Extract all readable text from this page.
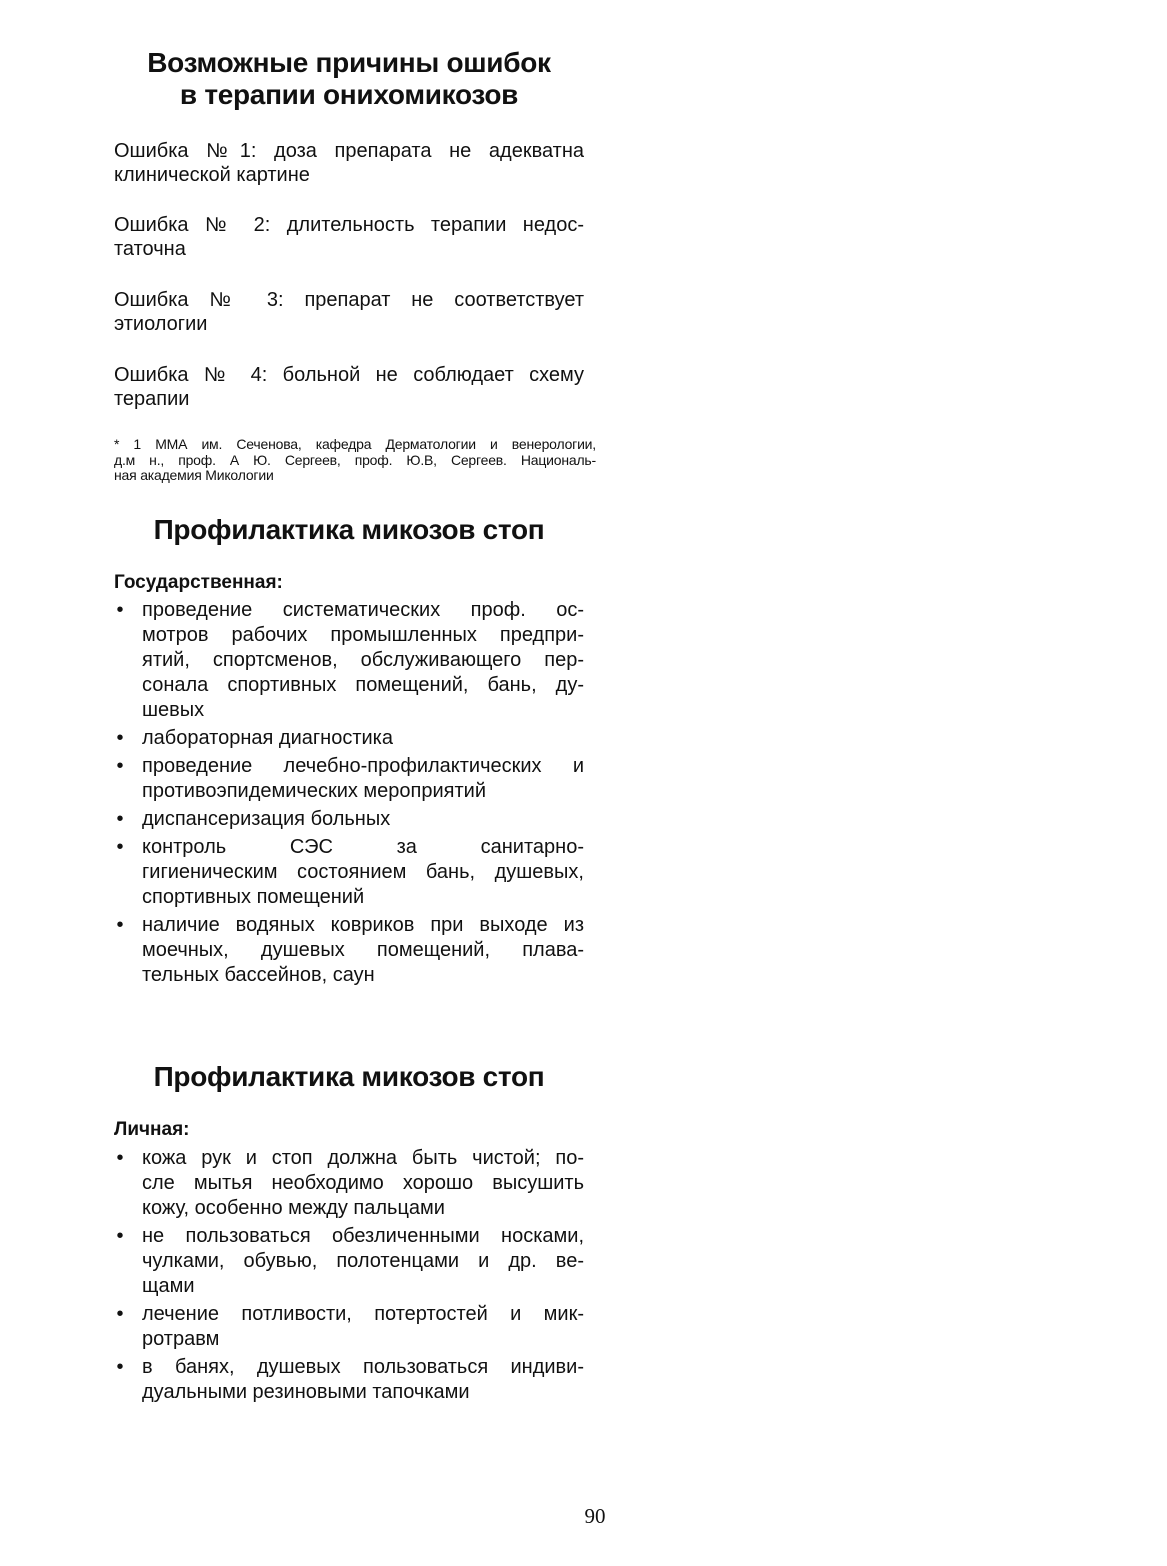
Возможные причины ошибок
в терапии онихомикозов

Ошибка №1: доза препарата не адекватна
клинической картине

Ошибка № 2: длительность терапии недос-
таточна

Ошибка № 3: препарат не соответствует
этиологии

Ошибка № 4: больной не соблюдает схему
терапии

* 1 ММА им. Сеченова, кафедра Дерматологии и венерологии,
д.м н., проф. А Ю. Сергеев, проф. Ю.В, Сергеев. Националь-
ная академия Микологии

Профилактика микозов стоп

Государственная:

• проведение систематических проф. ос-
мотров рабочих промышленных предпри-
ятий, спортсменов, обслуживающего пер-
сонала спортивных помещений, бань, ду-
шевых
• лабораторная диагностика
• проведение лечебно-профилактических и
противоэпидемических мероприятий
• диспансеризация больных
• контроль СЭС за санитарно-
гигиеническим состоянием бань, душевых,
спортивных помещений
• наличие водяных ковриков при выходе из
моечных, душевых помещений, плава-
тельных бассейнов, саун
Профилактика микозов стоп

Личная:

• кожа рук и стоп должна быть чистой; по-
сле мытья необходимо хорошо высушить
кожу, особенно между пальцами
• не пользоваться обезличенными носками,
чулками, обувью, полотенцами и др. ве-
щами
• лечение потливости, потертостей и мик-
ротравм
• в банях, душевых пользоваться индиви-
дуальными резиновыми тапочками
90
